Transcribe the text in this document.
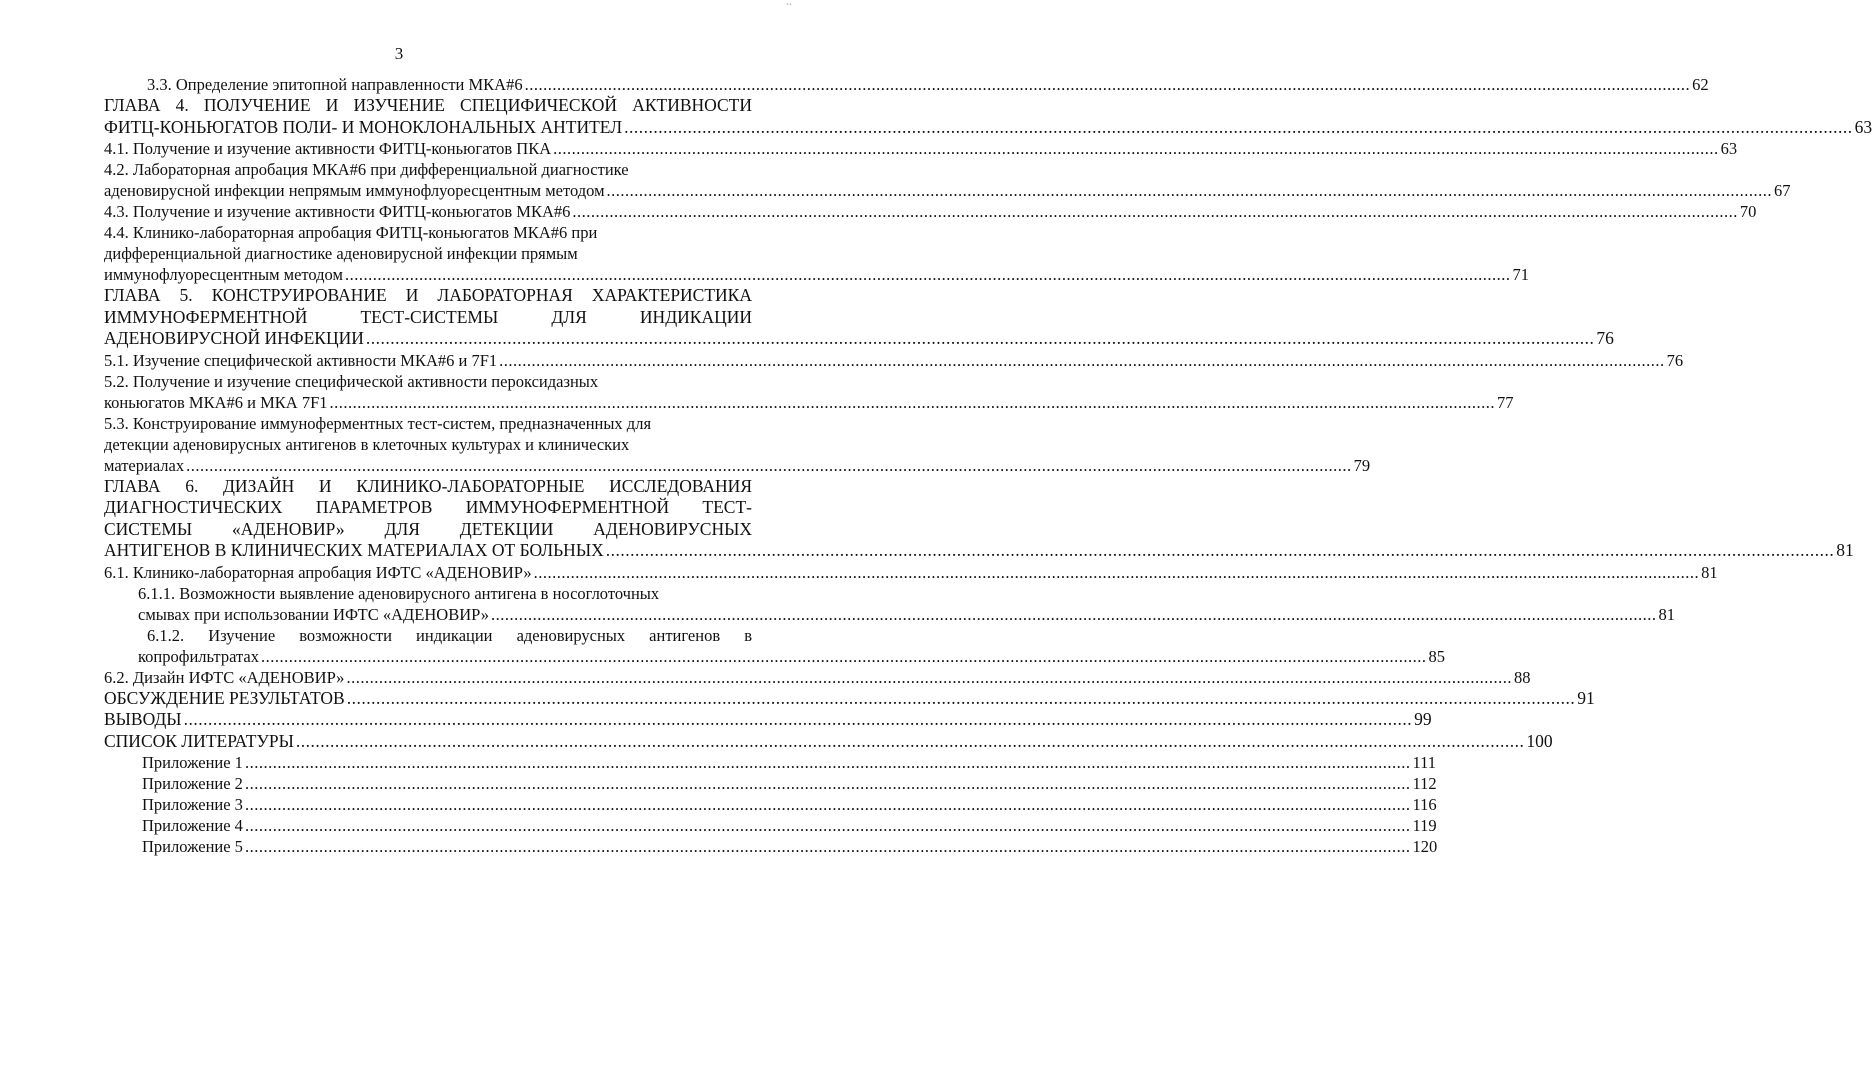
``
3
3.3. Определение эпитопной направленности МКА#6 .....	62
ГЛАВА 4. ПОЛУЧЕНИЕ И ИЗУЧЕНИЕ СПЕЦИФИЧЕСКОЙ АКТИВНОСТИ
ФИТЦ-КОНЬЮГАТОВ ПОЛИ- И МОНОКЛОНАЛЬНЫХ АНТИТЕЛ .....	63
4.1. Получение и изучение активности ФИТЦ-коньюгатов ПКА .....	63
4.2. Лабораторная апробация МКА#6 при дифференциальной диагностике
аденовирусной инфекции непрямым иммунофлуоресцентным методом .....	67
4.3. Получение и изучение активности ФИТЦ-коньюгатов МКА#6 .....	70
4.4. Клинико-лабораторная апробация ФИТЦ-коньюгатов МКА#6 при
дифференциальной диагностике аденовирусной инфекции прямым
иммунофлуоресцентным методом .....	71
ГЛАВА 5. КОНСТРУИРОВАНИЕ И ЛАБОРАТОРНАЯ ХАРАКТЕРИСТИКА
ИММУНОФЕРМЕНТНОЙ ТЕСТ-СИСТЕМЫ ДЛЯ ИНДИКАЦИИ
АДЕНОВИРУСНОЙ ИНФЕКЦИИ .....	76
5.1. Изучение специфической активности МКА#6 и 7F1 .....	76
5.2. Получение и изучение специфической активности пероксидазных
коньюгатов МКА#6 и МКА 7F1 .....	77
5.3. Конструирование иммуноферментных тест-систем, предназначенных для
детекции аденовирусных антигенов в клеточных культурах и клинических
материалах .....	79
ГЛАВА 6. ДИЗАЙН И КЛИНИКО-ЛАБОРАТОРНЫЕ ИССЛЕДОВАНИЯ
ДИАГНОСТИЧЕСКИХ ПАРАМЕТРОВ ИММУНОФЕРМЕНТНОЙ ТЕСТ-
СИСТЕМЫ «АДЕНОВИР» ДЛЯ ДЕТЕКЦИИ АДЕНОВИРУСНЫХ
АНТИГЕНОВ В КЛИНИЧЕСКИХ МАТЕРИАЛАХ ОТ БОЛЬНЫХ .....	81
6.1. Клинико-лабораторная апробация ИФТС «АДЕНОВИР» .....	81
6.1.1. Возможности выявление аденовирусного антигена в носоглоточных
смывах при использовании ИФТС «АДЕНОВИР» .....	81
6.1.2. Изучение возможности индикации аденовирусных антигенов в
копрофильтратах .....	85
6.2. Дизайн ИФТС «АДЕНОВИР» .....	88
ОБСУЖДЕНИЕ РЕЗУЛЬТАТОВ .....	91
ВЫВОДЫ .....	99
СПИСОК ЛИТЕРАТУРЫ .....	100
Приложение 1 .....	111
Приложение 2 .....	112
Приложение 3 .....	116
Приложение 4 .....	119
Приложение 5 .....	120
